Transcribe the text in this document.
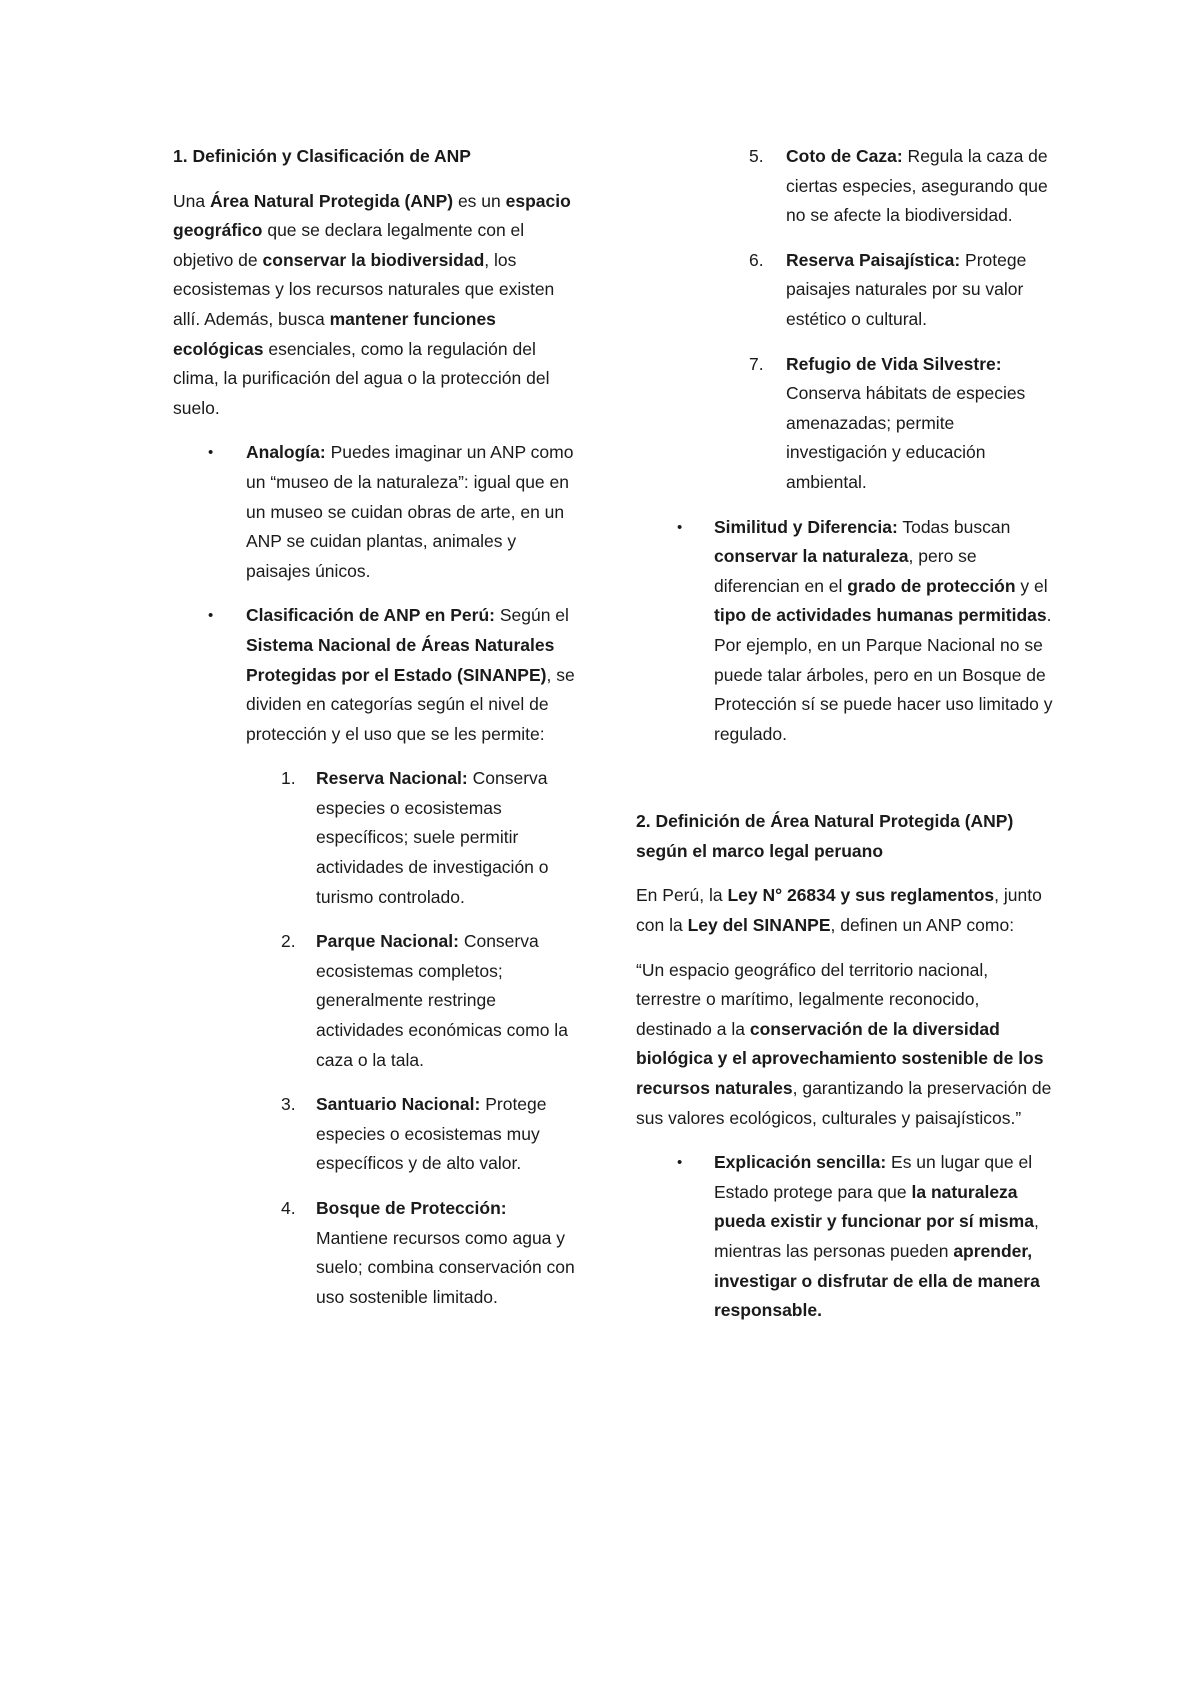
1. Definición y Clasificación de ANP

Una Área Natural Protegida (ANP) es un espacio geográfico que se declara legalmente con el objetivo de conservar la biodiversidad, los ecosistemas y los recursos naturales que existen allí. Además, busca mantener funciones ecológicas esenciales, como la regulación del clima, la purificación del agua o la protección del suelo.

•	Analogía: Puedes imaginar un ANP como un “museo de la naturaleza”: igual que en un museo se cuidan obras de arte, en un ANP se cuidan plantas, animales y paisajes únicos.
•	Clasificación de ANP en Perú: Según el Sistema Nacional de Áreas Naturales Protegidas por el Estado (SINANPE), se dividen en categorías según el nivel de protección y el uso que se les permite:
1. Reserva Nacional: Conserva especies o ecosistemas específicos; suele permitir actividades de investigación o turismo controlado.
2. Parque Nacional: Conserva ecosistemas completos; generalmente restringe actividades económicas como la caza o la tala.
3. Santuario Nacional: Protege especies o ecosistemas muy específicos y de alto valor.
4. Bosque de Protección: Mantiene recursos como agua y suelo; combina conservación con uso sostenible limitado.
5. Coto de Caza: Regula la caza de ciertas especies, asegurando que no se afecte la biodiversidad.
6. Reserva Paisajística: Protege paisajes naturales por su valor estético o cultural.
7. Refugio de Vida Silvestre: Conserva hábitats de especies amenazadas; permite investigación y educación ambiental.
•	Similitud y Diferencia: Todas buscan conservar la naturaleza, pero se diferencian en el grado de protección y el tipo de actividades humanas permitidas. Por ejemplo, en un Parque Nacional no se puede talar árboles, pero en un Bosque de Protección sí se puede hacer uso limitado y regulado.

2. Definición de Área Natural Protegida (ANP) según el marco legal peruano

En Perú, la Ley N° 26834 y sus reglamentos, junto con la Ley del SINANPE, definen un ANP como:

“Un espacio geográfico del territorio nacional, terrestre o marítimo, legalmente reconocido, destinado a la conservación de la diversidad biológica y el aprovechamiento sostenible de los recursos naturales, garantizando la preservación de sus valores ecológicos, culturales y paisajísticos.”

•	Explicación sencilla: Es un lugar que el Estado protege para que la naturaleza pueda existir y funcionar por sí misma, mientras las personas pueden aprender, investigar o disfrutar de ella de manera responsable.
